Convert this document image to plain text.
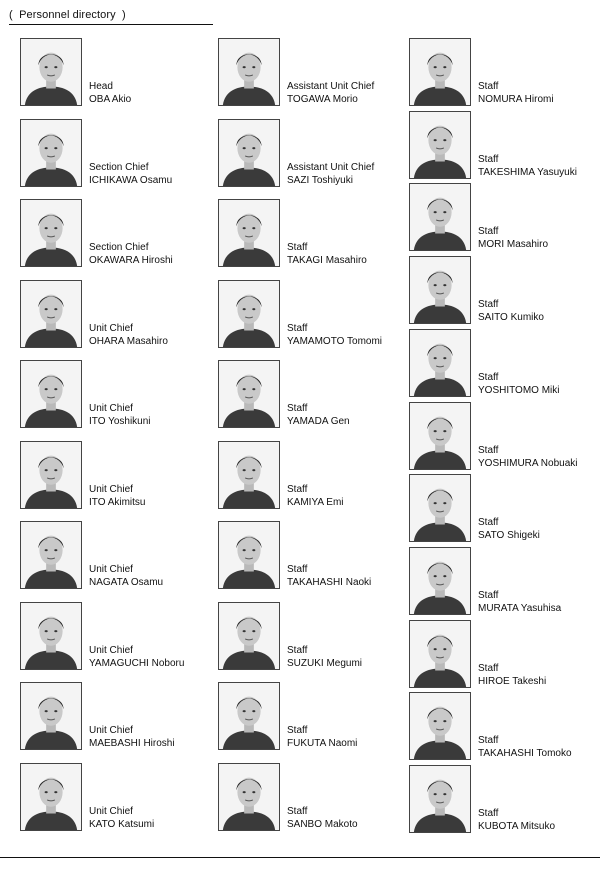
(  Personnel directory  )
Head
OBA Akio
Section Chief
ICHIKAWA Osamu
Section Chief
OKAWARA Hiroshi
Unit Chief
OHARA Masahiro
Unit Chief
ITO Yoshikuni
Unit Chief
ITO Akimitsu
Unit Chief
NAGATA Osamu
Unit Chief
YAMAGUCHI Noboru
Unit Chief
MAEBASHI Hiroshi
Unit Chief
KATO Katsumi
Assistant Unit Chief
TOGAWA Morio
Assistant Unit Chief
SAZI Toshiyuki
Staff
TAKAGI Masahiro
Staff
YAMAMOTO Tomomi
Staff
YAMADA Gen
Staff
KAMIYA Emi
Staff
TAKAHASHI Naoki
Staff
SUZUKI Megumi
Staff
FUKUTA Naomi
Staff
SANBO Makoto
Staff
NOMURA Hiromi
Staff
TAKESHIMA Yasuyuki
Staff
MORI Masahiro
Staff
SAITO Kumiko
Staff
YOSHITOMO Miki
Staff
YOSHIMURA Nobuaki
Staff
SATO Shigeki
Staff
MURATA Yasuhisa
Staff
HIROE Takeshi
Staff
TAKAHASHI Tomoko
Staff
KUBOTA Mitsuko
